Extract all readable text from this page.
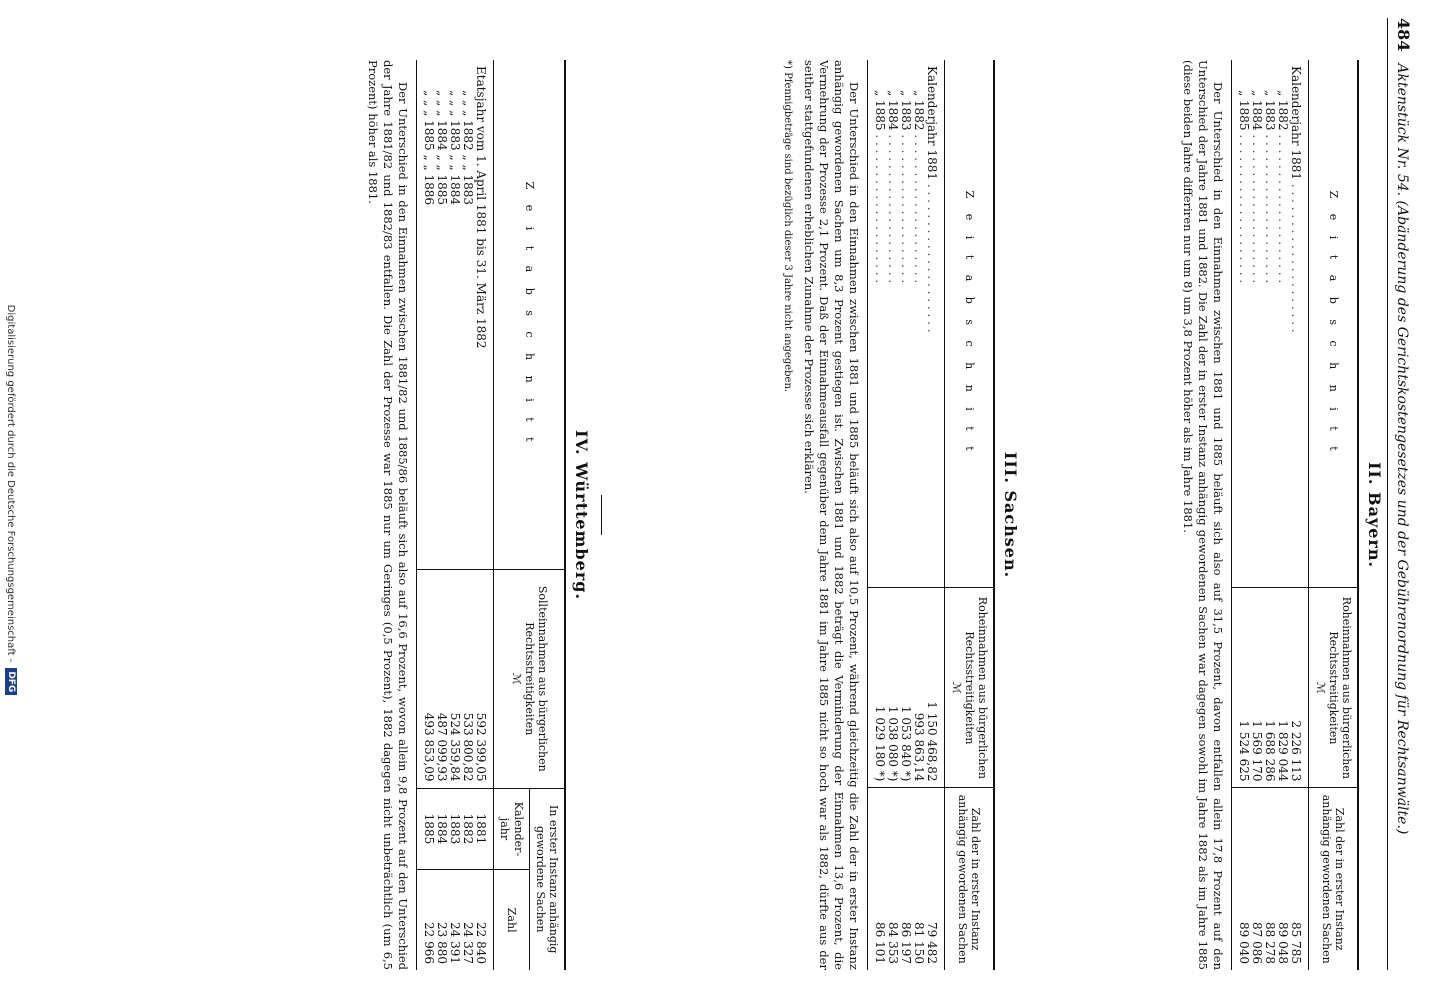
484
Aktenstück Nr. 54. (Abänderung des Gerichtskostengesetzes und der Gebührenordnung für Rechtsanwälte.)
II. Bayern.
Z e i t a b s c h n i t t	Roheinnahmen aus bürgerlichen Rechtsstreitigkeiten
ℳ	Zahl der in erster Instanz anhängig gewordenen Sachen
Kalenderjahr 1881 . . . . . . . . . . . . . . . . . . . .	2 226 113	85 785
„ 1882 . . . . . . . . . . . . . . . . . . . .	1 829 044	89 048
„ 1883 . . . . . . . . . . . . . . . . . . . .	1 688 286	88 278
„ 1884 . . . . . . . . . . . . . . . . . . . .	1 569 170	87 086
„ 1885 . . . . . . . . . . . . . . . . . . . .	1 524 625	89 040

Der Unterschied in den Einnahmen zwischen 1881 und 1885 beläuft sich also auf 31,5 Prozent, davon entfallen allein 17,8 Prozent auf den Unterschied der Jahre 1881 und 1882. Die Zahl der in erster Instanz anhängig gewordenen Sachen war dagegen sowohl im Jahre 1882 als im Jahre 1885 (diese beiden Jahre differiren nur um 8) um 3,8 Prozent höher als im Jahre 1881.

III. Sachsen.
Z e i t a b s c h n i t t	Roheinnahmen aus bürgerlichen Rechtsstreitigkeiten
ℳ	Zahl der in erster Instanz anhängig gewordenen Sachen
Kalenderjahr 1881 . . . . . . . . . . . . . . . . . . . .	1 150 468,82	79 482
„ 1882 . . . . . . . . . . . . . . . . . . . .	993 863,14	81 150
„ 1883 . . . . . . . . . . . . . . . . . . . .	1 053 840 *)	86 197
„ 1884 . . . . . . . . . . . . . . . . . . . .	1 038 080 *)	84 353
„ 1885 . . . . . . . . . . . . . . . . . . . .	1 029 180 *)	86 101

Der Unterschied in den Einnahmen zwischen 1881 und 1885 beläuft sich also auf 10,5 Prozent, während gleichzeitig die Zahl der in erster Instanz anhängig gewordenen Sachen um 8,3 Prozent gestiegen ist. Zwischen 1881 und 1882 beträgt die Verminderung der Einnahmen 13,6 Prozent, die Vermehrung der Prozesse 2,1 Prozent. Daß der Einnahmeausfall gegenüber dem Jahre 1881 im Jahre 1885 nicht so hoch war als 1882, dürfte aus der seither stattgefundenen erheblichen Zunahme der Prozesse sich erklären.

*) Pfennigbeträge sind bezüglich dieser 3 Jahre nicht angegeben.
IV. Württemberg.
Z e i t a b s c h n i t t	Sollteinnahmen aus bürgerlichen Rechtsstreitigkeiten
ℳ	In erster Instanz anhängig gewordene Sachen	
		Kalender-jahr	Zahl
Etatsjahr vom 1. April 1881 bis 31. März 1882	592 399,05	1881	22 840
„ „ „ 1882 „ „ 1883	533 800,82	1882	24 327
„ „ „ 1883 „ „ 1884	524 359,84	1883	24 391
„ „ „ 1884 „ „ 1885	487 099,93	1884	23 880
„ „ „ 1885 „ „ 1886	493 853,09	1885	22 966

Der Unterschied in den Einnahmen zwischen 1881/82 und 1885/86 beläuft sich also auf 16,6 Prozent, wovon allein 9,8 Prozent auf den Unterschied der Jahre 1881/82 und 1882/83 entfallen. Die Zahl der Prozesse war 1885 nur um Geringes (0,5 Prozent), 1882 dagegen nicht unbeträchtlich (um 6,5 Prozent) höher als 1881.

Digitalisierung gefördert durch die Deutsche Forschungsgemeinschaft -
DFG
